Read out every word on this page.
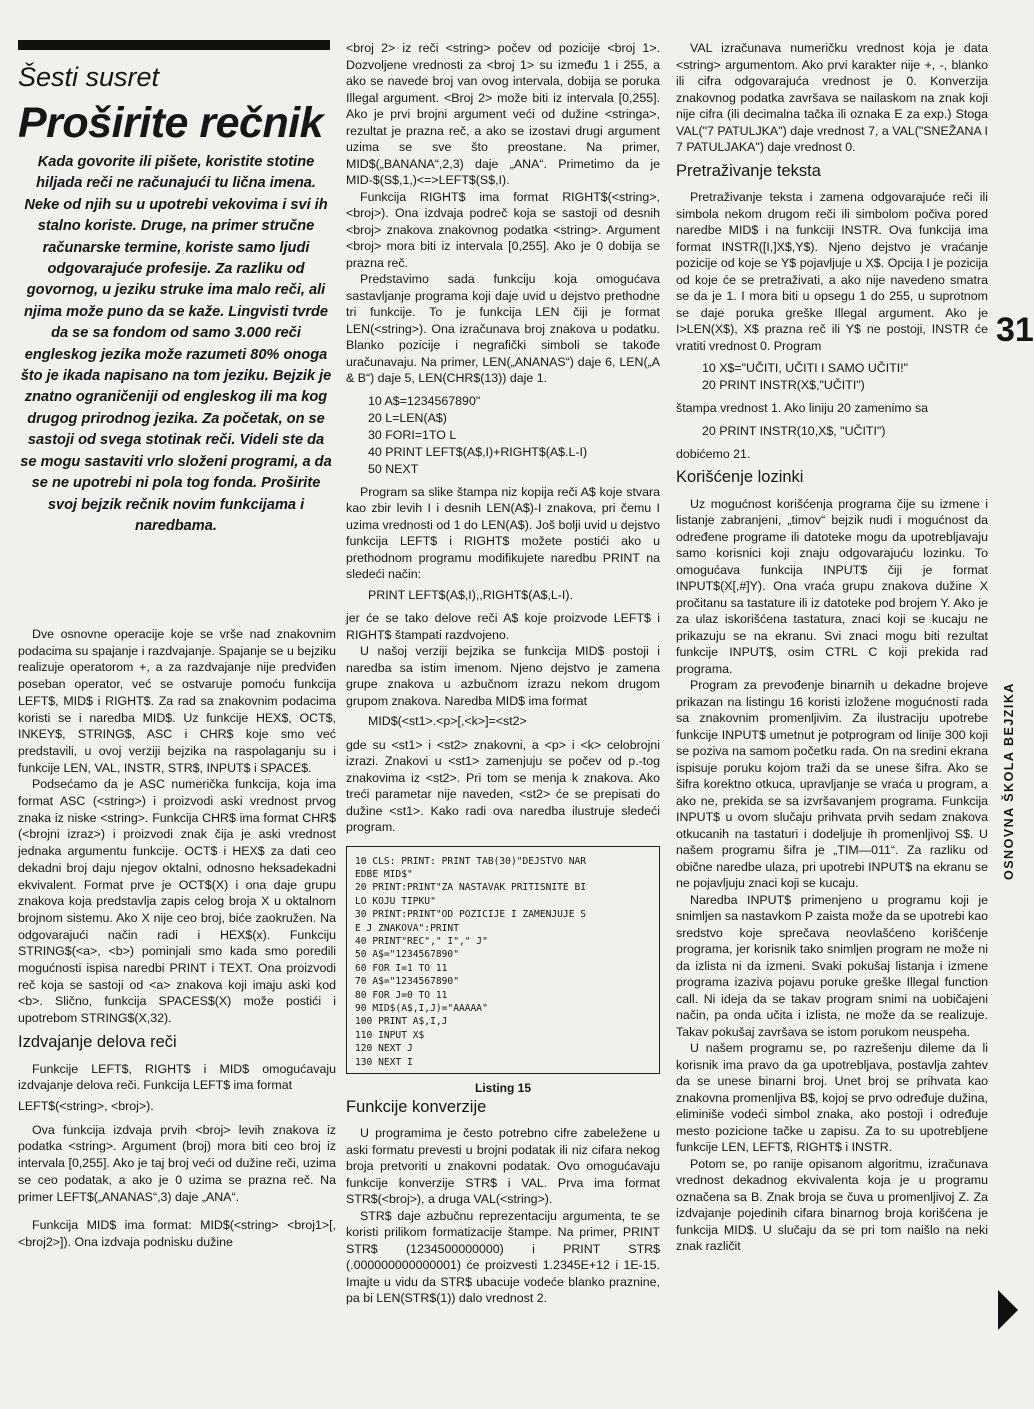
Šesti susret
Proširite rečnik
Kada govorite ili pišete, koristite stotine hiljada reči ne računajući tu lična imena. Neke od njih su u upotrebi vekovima i svi ih stalno koriste. Druge, na primer stručne računarske termine, koriste samo ljudi odgovarajuće profesije. Za razliku od govornog, u jeziku struke ima malo reči, ali njima može puno da se kaže. Lingvisti tvrde da se sa fondom od samo 3.000 reči engleskog jezika može razumeti 80% onoga što je ikada napisano na tom jeziku. Bejzik je znatno ograničeniji od engleskog ili ma kog drugog prirodnog jezika. Za početak, on se sastoji od svega stotinak reči. Videli ste da se mogu sastaviti vrlo složeni programi, a da se ne upotrebi ni pola tog fonda. Proširite svoj bejzik rečnik novim funkcijama i naredbama.

Dve osnovne operacije koje se vrše nad znakovnim podacima su spajanje i razdvajanje. Spajanje se u bejziku realizuje operatorom +, a za razdvajanje nije predviđen poseban operator, već se ostvaruje pomoću funkcija LEFT$, MID$ i RIGHT$. Za rad sa znakovnim podacima koristi se i naredba MID$. Uz funkcije HEX$, OCT$, INKEY$, STRING$, ASC i CHR$ koje smo već predstavili, u ovoj verziji bejzika na raspolaganju su i funkcije LEN, VAL, INSTR, STR$, INPUT$ i SPACE$.

Podsećamo da je ASC numerička funkcija, koja ima format ASC (<string>) i proizvodi aski vrednost prvog znaka iz niske <string>. Funkcija CHR$ ima format CHR$ (<brojni izraz>) i proizvodi znak čija je aski vrednost jednaka argumentu funkcije. OCT$ i HEX$ za dati ceo dekadni broj daju njegov oktalni, odnosno heksadekadni ekvivalent. Format prve je OCT$(X) i ona daje grupu znakova koja predstavlja zapis celog broja X u oktalnom brojnom sistemu. Ako X nije ceo broj, biće zaokružen. Na odgovarajući način radi i HEX$(x). Funkciju STRING$(<a>, <b>) pominjali smo kada smo poredili mogućnosti ispisa naredbi PRINT i TEXT. Ona proizvodi reč koja se sastoji od <a> znakova koji imaju aski kod <b>. Slično, funkcija SPACES$(X) može postići i upotrebom STRING$(X,32).

Izdvajanje delova reči

Funkcije LEFT$, RIGHT$ i MID$ omogućavaju izdvajanje delova reči. Funkcija LEFT$ ima format

LEFT$(<string>, <broj>).

Ova funkcija izdvaja prvih <broj> levih znakova iz podatka <string>. Argument (broj) mora biti ceo broj iz intervala [0,255]. Ako je taj broj veći od dužine reči, uzima se ceo podatak, a ako je 0 uzima se prazna reč. Na primer LEFT$(„ANANAS“,3) daje „ANA“.

Funkcija MID$ ima format: MID$(<string> <broj1>[,<broj2>]). Ona izdvaja podnisku dužine

<broj 2> iz reči <string> počev od pozicije <broj 1>. Dozvoljene vrednosti za <broj 1> su između 1 i 255, a ako se navede broj van ovog intervala, dobija se poruka Illegal argument. <Broj 2> može biti iz intervala [0,255]. Ako je prvi brojni argument veći od dužine <stringa>, rezultat je prazna reč, a ako se izostavi drugi argument uzima se sve što preostane. Na primer, MID$(„BANANA“,2,3) daje „ANA“. Primetimo da je MID-$(S$,1,)<=>LEFT$(S$,I).

Funkcija RIGHT$ ima format RIGHT$(<string>,<broj>). Ona izdvaja podreč koja se sastoji od desnih <broj> znakova znakovnog podatka <string>. Argument <broj> mora biti iz intervala [0,255]. Ako je 0 dobija se prazna reč.

Predstavimo sada funkciju koja omogućava sastavljanje programa koji daje uvid u dejstvo prethodne tri funkcije. To je funkcija LEN čiji je format LEN(<string>). Ona izračunava broj znakova u podatku. Blanko pozicije i negrafički simboli se takođe uračunavaju. Na primer, LEN(„ANANAS“) daje 6, LEN(„A & B“) daje 5, LEN(CHR$(13)) daje 1.

10 A$=1234567890"
20 L=LEN(A$)
30 FORI=1TO L
40 PRINT LEFT$(A$,I)+RIGHT$(A$.L-I)
50 NEXT

Program sa slike štampa niz kopija reči A$ koje stvara kao zbir levih I i desnih LEN(A$)-I znakova, pri čemu I uzima vrednosti od 1 do LEN(A$). Još bolji uvid u dejstvo funkcija LEFT$ i RIGHT$ možete postići ako u prethodnom programu modifikujete naredbu PRINT na sledeći način:

PRINT LEFT$(A$,I),,RIGHT$(A$,L-I).

jer će se tako delove reči A$ koje proizvode LEFT$ i RIGHT$ štampati razdvojeno.

U našoj verziji bejzika se funkcija MID$ postoji i naredba sa istim imenom. Njeno dejstvo je zamena grupe znakova u azbučnom izrazu nekom drugom grupom znakova. Naredba MID$ ima format

MID$(<st1>.<p>[,<k>]=<st2>

gde su <st1> i <st2> znakovni, a <p> i <k> celobrojni izrazi. Znakovi u <st1> zamenjuju se počev od p.-tog znakovima iz <st2>. Pri tom se menja k znakova. Ako treći parametar nije naveden, <st2> će se prepisati do dužine <st1>. Kako radi ova naredba ilustruje sledeći program.

10 CLS: PRINT: PRINT TAB(30)"DEJSTVO NAR
EDBE MID$"
20 PRINT:PRINT"ZA NASTAVAK PRITISNITE BI
LO KOJU TIPKU"
30 PRINT:PRINT"OD POZICIJE I ZAMENJUJE S
E J ZNAKOVA":PRINT
40 PRINT"REC"," I"," J"
50 A$="1234567890"
60 FOR I=1 TO 11
70 A$="1234567890"
80 FOR J=0 TO 11
90 MID$(A$,I,J)="AAAAA"
100 PRINT A$,I,J
110 INPUT X$
120 NEXT J
130 NEXT I
Listing 15
Funkcije konverzije

U programima je često potrebno cifre zabeležene u aski formatu prevesti u brojni podatak ili niz cifara nekog broja pretvoriti u znakovni podatak. Ovo omogućavaju funkcije konverzije STR$ i VAL. Prva ima format STR$(<broj>), a druga VAL(<string>).

STR$ daje azbučnu reprezentaciju argumenta, te se koristi prilikom formatizacije štampe. Na primer, PRINT STR$ (1234500000000) i PRINT STR$ (.000000000000001) će proizvesti 1.2345E+12 i 1E-15. Imajte u vidu da STR$ ubacuje vodeće blanko praznine, pa bi LEN(STR$(1)) dalo vrednost 2.

VAL izračunava numeričku vrednost koja je data <string> argumentom. Ako prvi karakter nije +, -, blanko ili cifra odgovarajuća vrednost je 0. Konverzija znakovnog podatka završava se nailaskom na znak koji nije cifra (ili decimalna tačka ili oznaka E za exp.) Stoga VAL("7 PATULJKA") daje vrednost 7, a VAL("SNEŽANA I 7 PATULJAKA") daje vrednost 0.

Pretraživanje teksta

Pretraživanje teksta i zamena odgovarajuće reči ili simbola nekom drugom reči ili simbolom počiva pored naredbe MID$ i na funkciji INSTR. Ova funkcija ima format INSTR([I,]X$,Y$). Njeno dejstvo je vraćanje pozicije od koje se Y$ pojavljuje u X$. Opcija I je pozicija od koje će se pretraživati, a ako nije navedeno smatra se da je 1. I mora biti u opsegu 1 do 255, u suprotnom se daje poruka greške Illegal argument. Ako je I>LEN(X$), X$ prazna reč ili Y$ ne postoji, INSTR će vratiti vrednost 0. Program

10 X$="UČITI, UČITI I SAMO UČITI!"
20 PRINT INSTR(X$,"UČITI")

štampa vrednost 1. Ako liniju 20 zamenimo sa

20 PRINT INSTR(10,X$, "UČITI")

dobićemo 21.

Korišćenje lozinki

Uz mogućnost korišćenja programa čije su izmene i listanje zabranjeni, „timov“ bejzik nudi i mogućnost da određene programe ili datoteke mogu da upotrebljavaju samo korisnici koji znaju odgovarajuću lozinku. To omogućava funkcija INPUT$ čiji je format INPUT$(X[,#]Y). Ona vraća grupu znakova dužine X pročitanu sa tastature ili iz datoteke pod brojem Y. Ako je za ulaz iskorišćena tastatura, znaci koji se kucaju ne prikazuju se na ekranu. Svi znaci mogu biti rezultat funkcije INPUT$, osim CTRL C koji prekida rad programa.

Program za prevođenje binarnih u dekadne brojeve prikazan na listingu 16 koristi izložene mogućnosti rada sa znakovnim promenljivim. Za ilustraciju upotrebe funkcije INPUT$ umetnut je potprogram od linije 300 koji se poziva na samom početku rada. On na sredini ekrana ispisuje poruku kojom traži da se unese šifra. Ako se šifra korektno otkuca, upravljanje se vraća u program, a ako ne, prekida se sa izvršavanjem programa. Funkcija INPUT$ u ovom slučaju prihvata prvih sedam znakova otkucanih na tastaturi i dodeljuje ih promenljivoj S$. U našem programu šifra je „TIM—011“. Za razliku od obične naredbe ulaza, pri upotrebi INPUT$ na ekranu se ne pojavljuju znaci koji se kucaju.

Naredba INPUT$ primenjeno u programu koji je snimljen sa nastavkom P zaista može da se upotrebi kao sredstvo koje sprečava neovlašćeno korišćenje programa, jer korisnik tako snimljen program ne može ni da izlista ni da izmeni. Svaki pokušaj listanja i izmene programa izaziva pojavu poruke greške Illegal function call. Ni ideja da se takav program snimi na uobičajeni način, pa onda učita i izlista, ne može da se realizuje. Takav pokušaj završava se istom porukom neuspeha.

U našem programu se, po razrešenju dileme da li korisnik ima pravo da ga upotrebljava, postavlja zahtev da se unese binarni broj. Unet broj se prihvata kao znakovna promenljiva B$, kojoj se prvo određuje dužina, eliminiše vodeći simbol znaka, ako postoji i određuje mesto pozicione tačke u zapisu. Za to su upotrebljene funkcije LEN, LEFT$, RIGHT$ i INSTR.

Potom se, po ranije opisanom algoritmu, izračunava vrednost dekadnog ekvivalenta koja je u programu označena sa B. Znak broja se čuva u promenljivoj Z. Za izdvajanje pojedinih cifara binarnog broja korišćena je funkcija MID$. U slučaju da se pri tom naišlo na neki znak različit

31
OSNOVNA ŠKOLA BEJZIKA
